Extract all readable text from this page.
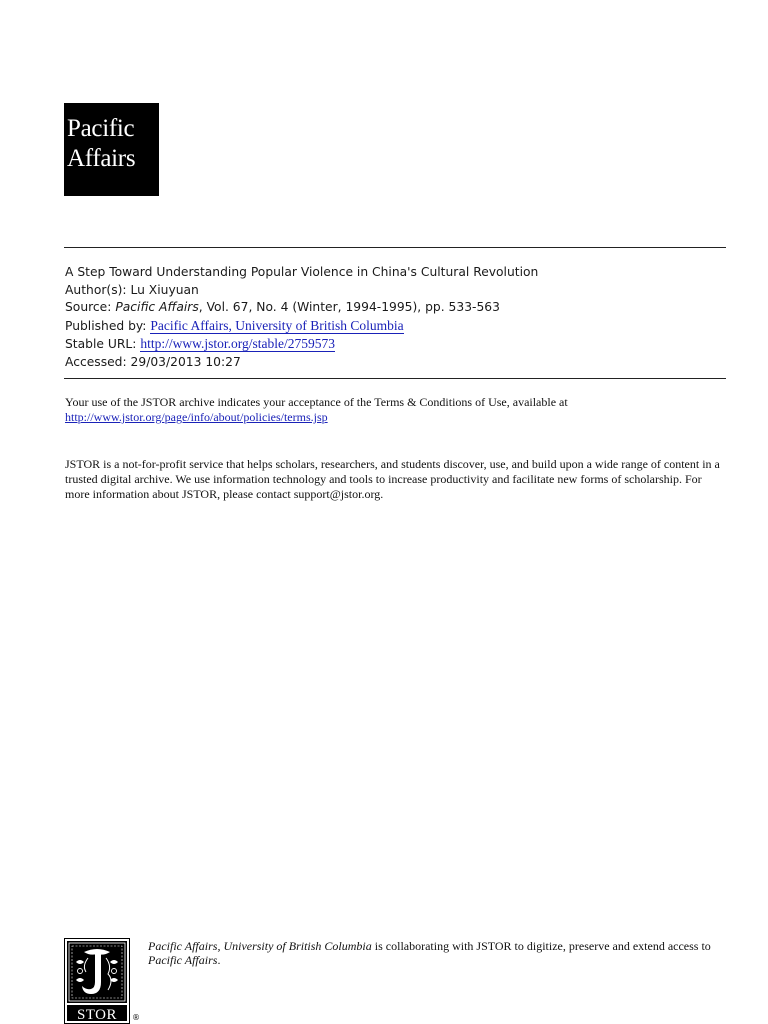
Pacific
Affairs
A Step Toward Understanding Popular Violence in China's Cultural Revolution
Author(s): Lu Xiuyuan
Source: Pacific Affairs, Vol. 67, No. 4 (Winter, 1994-1995), pp. 533-563
Published by: Pacific Affairs, University of British Columbia
Stable URL: http://www.jstor.org/stable/2759573
Accessed: 29/03/2013 10:27
Your use of the JSTOR archive indicates your acceptance of the Terms & Conditions of Use, available at
http://www.jstor.org/page/info/about/policies/terms.jsp
JSTOR is a not-for-profit service that helps scholars, researchers, and students discover, use, and build upon a wide range of content in a trusted digital archive. We use information technology and tools to increase productivity and facilitate new forms of scholarship. For more information about JSTOR, please contact support@jstor.org.
STOR ®
Pacific Affairs, University of British Columbia is collaborating with JSTOR to digitize, preserve and extend access to Pacific Affairs.
